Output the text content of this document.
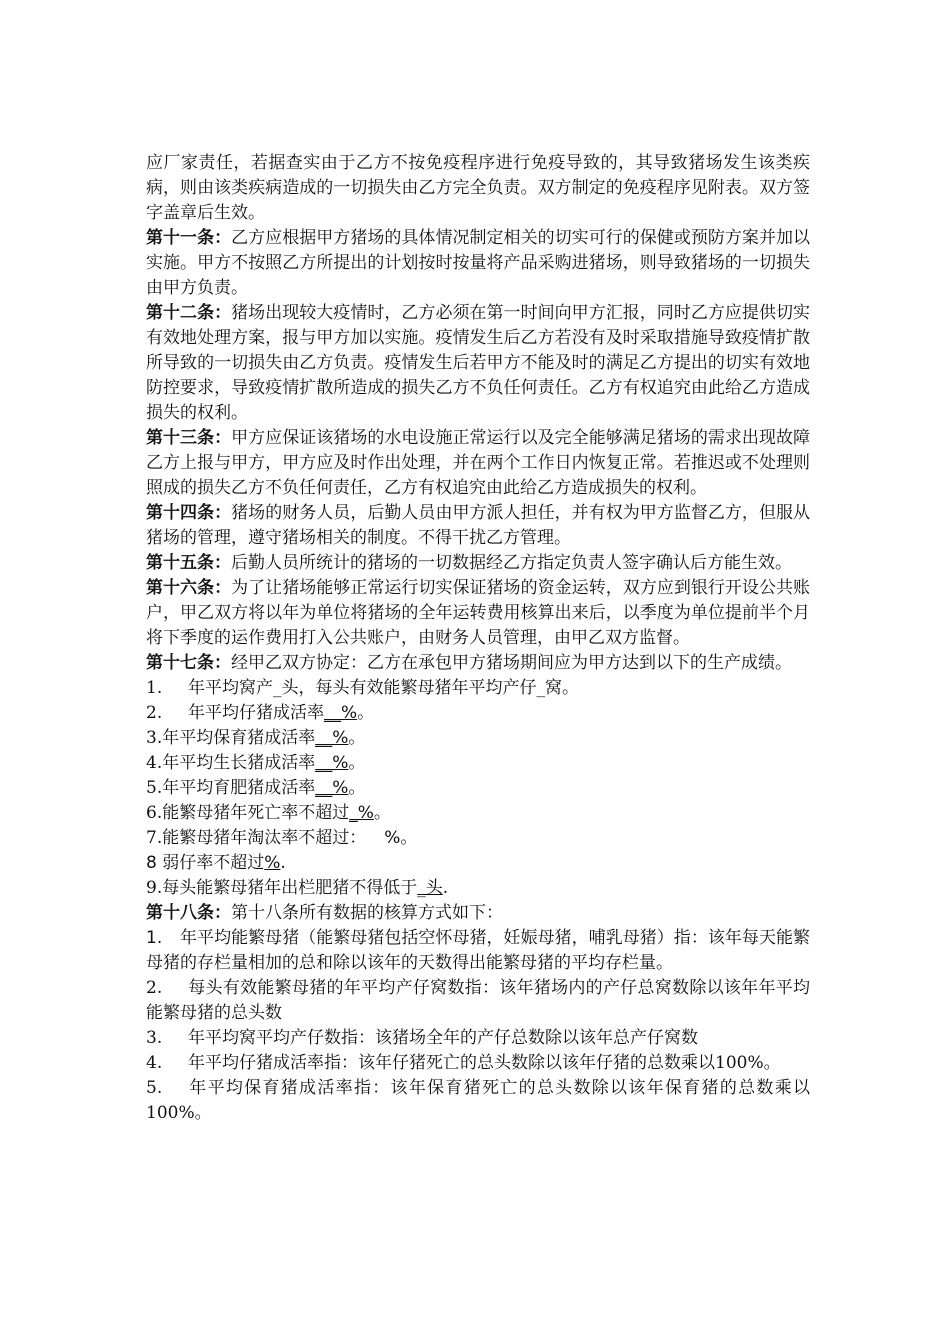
应厂家责任，若据查实由于乙方不按免疫程序进行免疫导致的，其导致猪场发生该类疾病，则由该类疾病造成的一切损失由乙方完全负责。双方制定的免疫程序见附表。双方签字盖章后生效。

第十一条：乙方应根据甲方猪场的具体情况制定相关的切实可行的保健或预防方案并加以实施。甲方不按照乙方所提出的计划按时按量将产品采购进猪场，则导致猪场的一切损失由甲方负责。

第十二条：猪场出现较大疫情时，乙方必须在第一时间向甲方汇报，同时乙方应提供切实有效地处理方案，报与甲方加以实施。疫情发生后乙方若没有及时采取措施导致疫情扩散所导致的一切损失由乙方负责。疫情发生后若甲方不能及时的满足乙方提出的切实有效地防控要求，导致疫情扩散所造成的损失乙方不负任何责任。乙方有权追究由此给乙方造成损失的权利。

第十三条：甲方应保证该猪场的水电设施正常运行以及完全能够满足猪场的需求出现故障乙方上报与甲方，甲方应及时作出处理，并在两个工作日内恢复正常。若推迟或不处理则照成的损失乙方不负任何责任，乙方有权追究由此给乙方造成损失的权利。

第十四条：猪场的财务人员，后勤人员由甲方派人担任，并有权为甲方监督乙方，但服从猪场的管理，遵守猪场相关的制度。不得干扰乙方管理。

第十五条：后勤人员所统计的猪场的一切数据经乙方指定负责人签字确认后方能生效。

第十六条：为了让猪场能够正常运行切实保证猪场的资金运转，双方应到银行开设公共账户，甲乙双方将以年为单位将猪场的全年运转费用核算出来后，以季度为单位提前半个月将下季度的运作费用打入公共账户，由财务人员管理，由甲乙双方监督。

第十七条：经甲乙双方协定：乙方在承包甲方猪场期间应为甲方达到以下的生产成绩。

1. 年平均窝产_头，每头有效能繁母猪年平均产仔_窝。

2. 年平均仔猪成活率__%。

3.年平均保育猪成活率__%。

4.年平均生长猪成活率__%。

5.年平均育肥猪成活率__%。

6.能繁母猪年死亡率不超过_%。

7.能繁母猪年淘汰率不超过： %。

8 弱仔率不超过%.

9.每头能繁母猪年出栏肥猪不得低于_头.

第十八条：第十八条所有数据的核算方式如下：

1. 年平均能繁母猪（能繁母猪包括空怀母猪，妊娠母猪，哺乳母猪）指：该年每天能繁母猪的存栏量相加的总和除以该年的天数得出能繁母猪的平均存栏量。

2. 每头有效能繁母猪的年平均产仔窝数指：该年猪场内的产仔总窝数除以该年年平均能繁母猪的总头数

3. 年平均窝平均产仔数指：该猪场全年的产仔总数除以该年总产仔窝数

4. 年平均仔猪成活率指：该年仔猪死亡的总头数除以该年仔猪的总数乘以100%。

5. 年平均保育猪成活率指：该年保育猪死亡的总头数除以该年保育猪的总数乘以100%。
